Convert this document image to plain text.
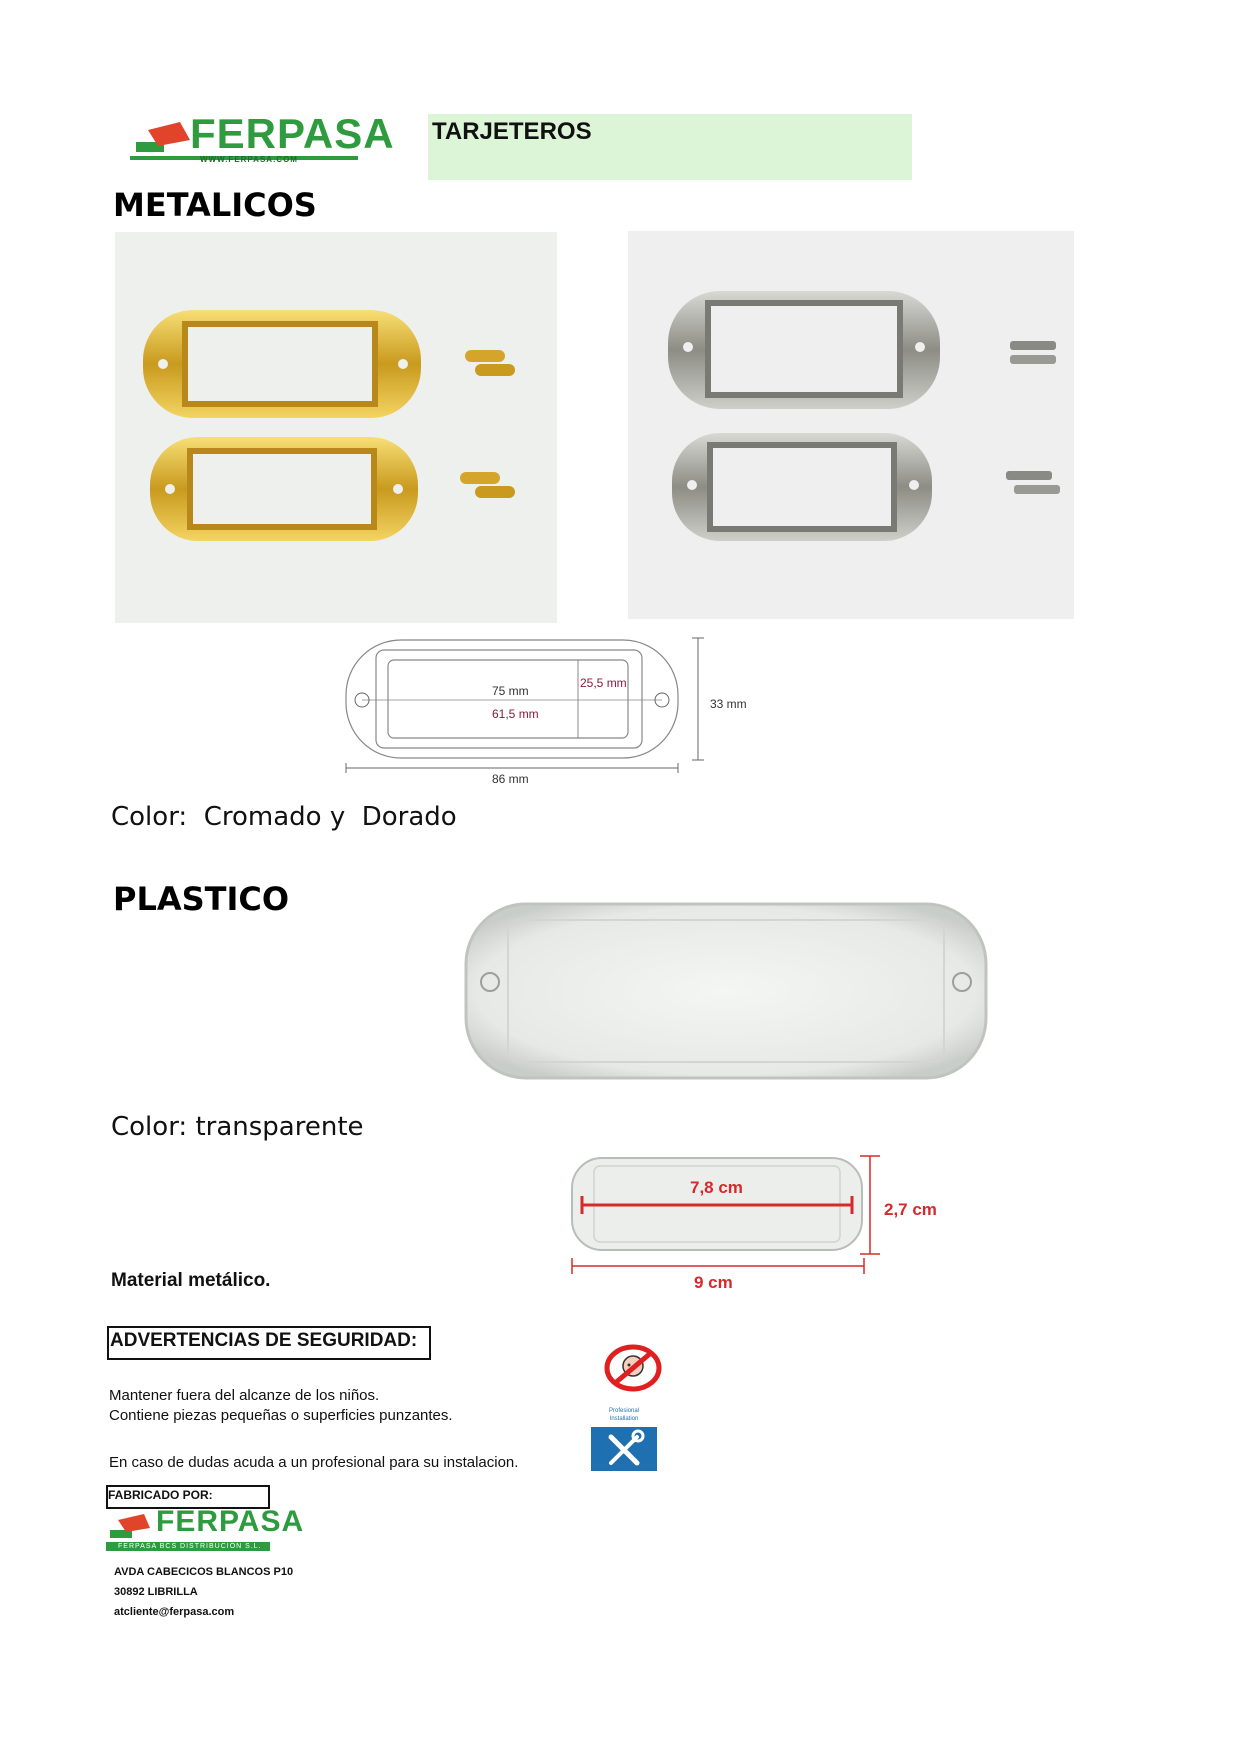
FERPASA
WWW.FERPASA.COM
TARJETEROS
METALICOS
75 mm
61,5 mm
25,5 mm
33 mm
86 mm
Color:  Cromado y  Dorado
PLASTICO
Color: transparente
7,8 cm
2,7 cm
9 cm
Material metálico.
ADVERTENCIAS DE SEGURIDAD:
Mantener fuera del alcanze de los niños.
Contiene piezas pequeñas o superficies punzantes.
En caso de dudas acuda a un profesional para su instalacion.
Profesional
Installation
FABRICADO POR:
FERPASA
FERPASA BCS DISTRIBUCIÓN S.L.
AVDA CABECICOS BLANCOS P10
30892 LIBRILLA
atcliente@ferpasa.com
